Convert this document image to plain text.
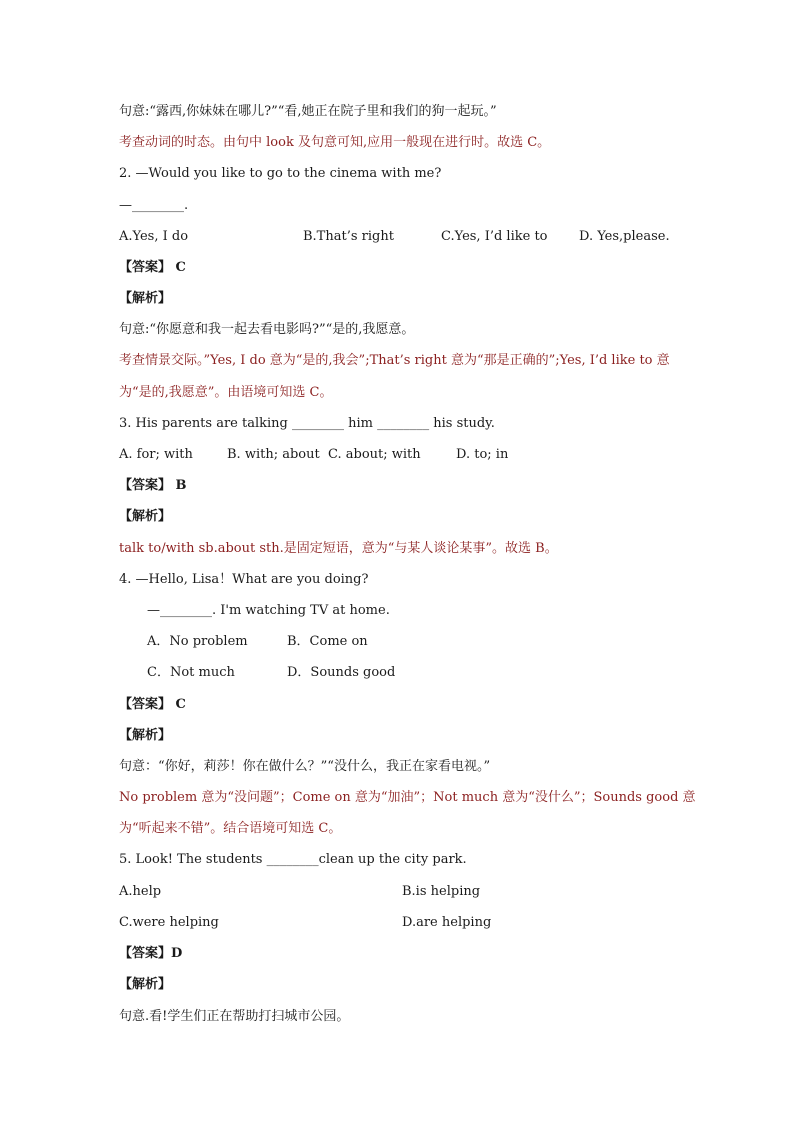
句意:“露西,你妹妹在哪儿?”“看,她正在院子里和我们的狗一起玩。”
考查动词的时态。由句中 look 及句意可知,应用一般现在进行时。故选 C。
2. —Would you like to go to the cinema with me?
—________.
A.Yes, I do	B.That’s right	C.Yes, I’d like to D. Yes,please.
【答案】 C
【解析】
句意:“你愿意和我一起去看电影吗?”“是的,我愿意。
考查情景交际。”Yes, I do 意为“是的,我会”;That’s right 意为“那是正确的”;Yes, I’d like to 意
为“是的,我愿意”。由语境可知选 C。
3. His parents are talking ________ him ________ his study.
A. for; with	B. with; about C. about; with	D. to; in
【答案】 B
【解析】
talk to/with sb.about sth.是固定短语，意为“与某人谈论某事”。故选 B。
4. —Hello, Lisa！What are you doing?
—________. I'm watching TV at home.
A．No problem	B．Come on
C．Not much	D．Sounds good
【答案】 C
【解析】
句意：“你好，莉莎！你在做什么？”“没什么，我正在家看电视。”
No problem 意为“没问题”；Come on 意为“加油”；Not much 意为“没什么”；Sounds good 意
为“听起来不错”。结合语境可知选 C。
5. Look! The students ________clean up the city park.
A.help	B.is helping
C.were helping	D.are helping
【答案】D
【解析】
句意.看!学生们正在帮助打扫城市公园。
